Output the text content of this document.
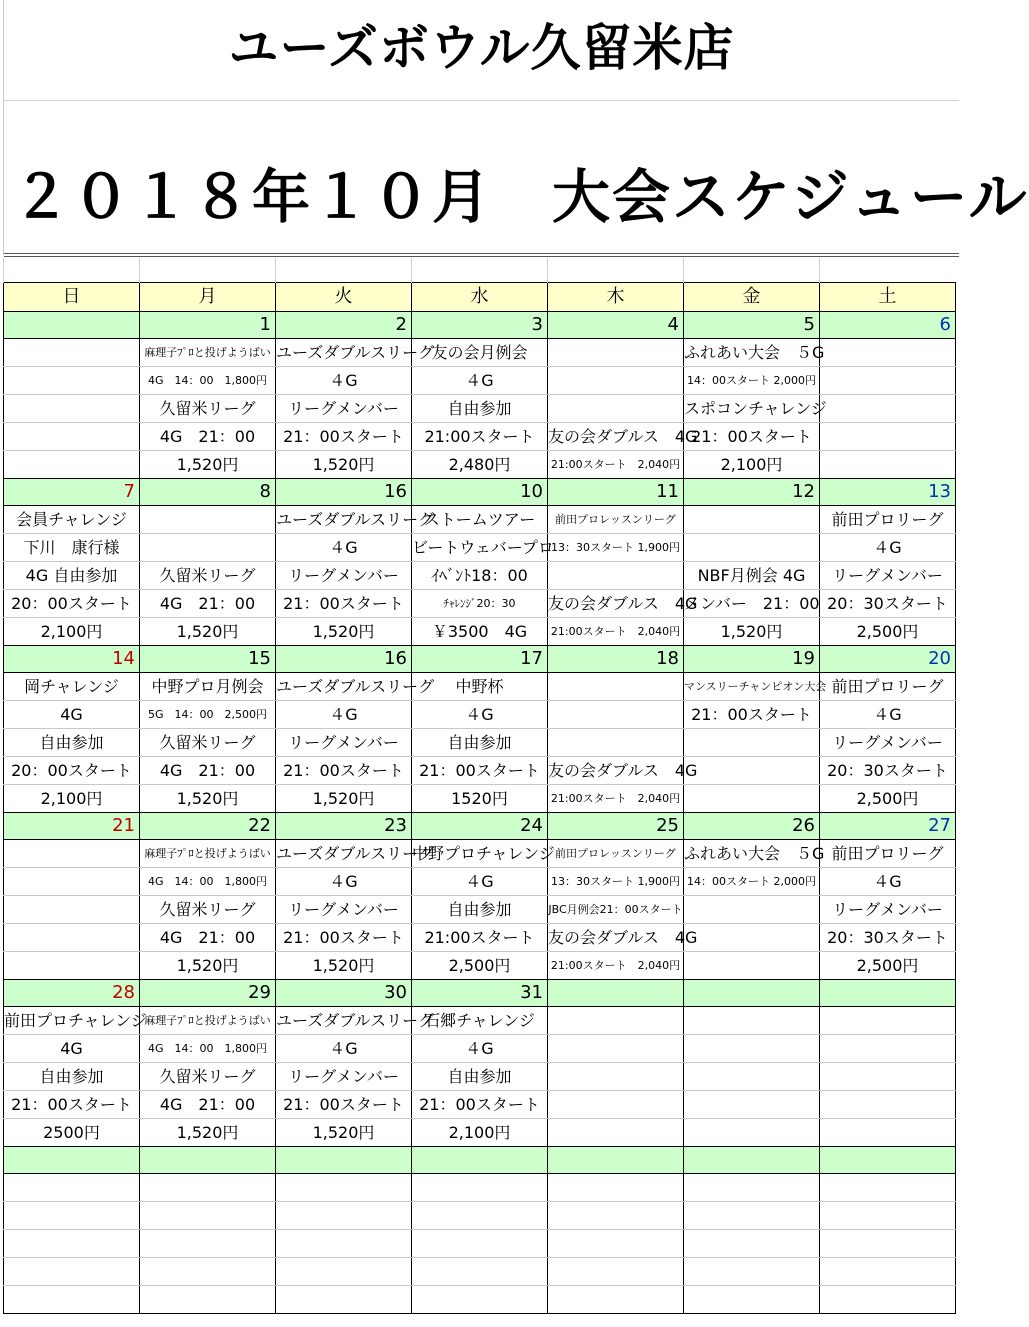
ユーズボウル久留米店
２０１８年１０月　大会スケジュール

日	月	火	水	木	金	土
	1	2	3	4	5	6
	麻理子ﾌﾟﾛと投げようばい	ユーズダブルスリーグ	友の会月例会		ふれあい大会　５G	
	4G　14：00　1,800円	４G	４G		14：00スタート 2,000円	
	久留米リーグ	リーグメンバー	自由参加		スポコンチャレンジ	
	4G　21：00	21：00スタート	21:00スタート	友の会ダブルス　4G	21：00スタート	
	1,520円	1,520円	2,480円	21:00スタート　2,040円	2,100円	
7	8	16	10	11	12	13
会員チャレンジ		ユーズダブルスリーグ	ストームツアー	前田プロレッスンリーグ		前田プロリーグ
下川　康行様		４G	ビートウェバープロ	13：30スタート 1,900円		４G
4G 自由参加	久留米リーグ	リーグメンバー	ｲﾍﾞﾝﾄ18：00		NBF月例会 4G	リーグメンバー
20：00スタート	4G　21：00	21：00スタート	ﾁｬﾚﾝｼﾞ20：30	友の会ダブルス　4G	メンバー　21：00	20：30スタート
2,100円	1,520円	1,520円	￥3500　4G	21:00スタート　2,040円	1,520円	2,500円
14	15	16	17	18	19	20
岡チャレンジ	中野プロ月例会	ユーズダブルスリーグ	中野杯		マンスリーチャンピオン大会	前田プロリーグ
4G	5G　14：00　2,500円	４G	４G		21：00スタート	４G
自由参加	久留米リーグ	リーグメンバー	自由参加			リーグメンバー
20：00スタート	4G　21：00	21：00スタート	21：00スタート	友の会ダブルス　4G		20：30スタート
2,100円	1,520円	1,520円	1520円	21:00スタート　2,040円		2,500円
21	22	23	24	25	26	27
	麻理子ﾌﾟﾛと投げようばい	ユーズダブルスリーグ	中野プロチャレンジ	前田プロレッスンリーグ	ふれあい大会　５G	前田プロリーグ
	4G　14：00　1,800円	４G	４G	13：30スタート 1,900円	14：00スタート 2,000円	４G
	久留米リーグ	リーグメンバー	自由参加	JBC月例会21：00スタート		リーグメンバー
	4G　21：00	21：00スタート	21:00スタート	友の会ダブルス　4G		20：30スタート
	1,520円	1,520円	2,500円	21:00スタート　2,040円		2,500円
28	29	30	31			
前田プロチャレンジ	麻理子ﾌﾟﾛと投げようばい	ユーズダブルスリーグ	石郷チャレンジ			
4G	4G　14：00　1,800円	４G	４G			
自由参加	久留米リーグ	リーグメンバー	自由参加			
21：00スタート	4G　21：00	21：00スタート	21：00スタート			
2500円	1,520円	1,520円	2,100円			
